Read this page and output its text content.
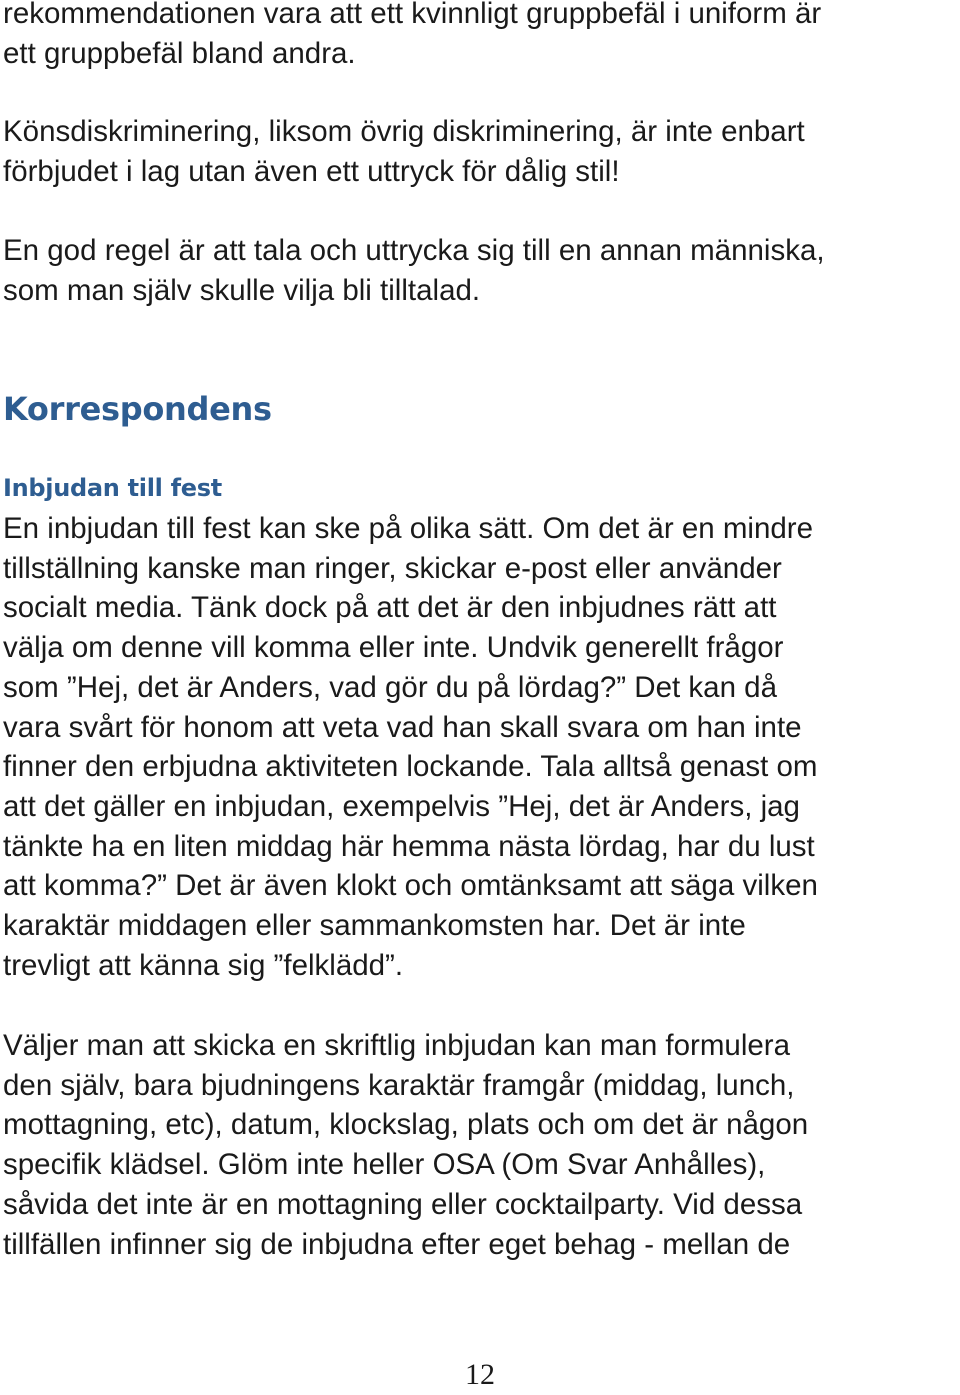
rekommendationen vara att ett kvinnligt gruppbefäl i uniform är
ett gruppbefäl bland andra.

Könsdiskriminering, liksom övrig diskriminering, är inte enbart
förbjudet i lag utan även ett uttryck för dålig stil!

En god regel är att tala och uttrycka sig till en annan människa,
som man själv skulle vilja bli tilltalad.

Korrespondens
Inbjudan till fest

En inbjudan till fest kan ske på olika sätt. Om det är en mindre
tillställning kanske man ringer, skickar e-post eller använder
socialt media. Tänk dock på att det är den inbjudnes rätt att
välja om denne vill komma eller inte. Undvik generellt frågor
som ”Hej, det är Anders, vad gör du på lördag?” Det kan då
vara svårt för honom att veta vad han skall svara om han inte
finner den erbjudna aktiviteten lockande. Tala alltså genast om
att det gäller en inbjudan, exempelvis ”Hej, det är Anders, jag
tänkte ha en liten middag här hemma nästa lördag, har du lust
att komma?” Det är även klokt och omtänksamt att säga vilken
karaktär middagen eller sammankomsten har. Det är inte
trevligt att känna sig ”felklädd”.

Väljer man att skicka en skriftlig inbjudan kan man formulera
den själv, bara bjudningens karaktär framgår (middag, lunch,
mottagning, etc), datum, klockslag, plats och om det är någon
specifik klädsel. Glöm inte heller OSA (Om Svar Anhålles),
såvida det inte är en mottagning eller cocktailparty. Vid dessa
tillfällen infinner sig de inbjudna efter eget behag - mellan de

12
